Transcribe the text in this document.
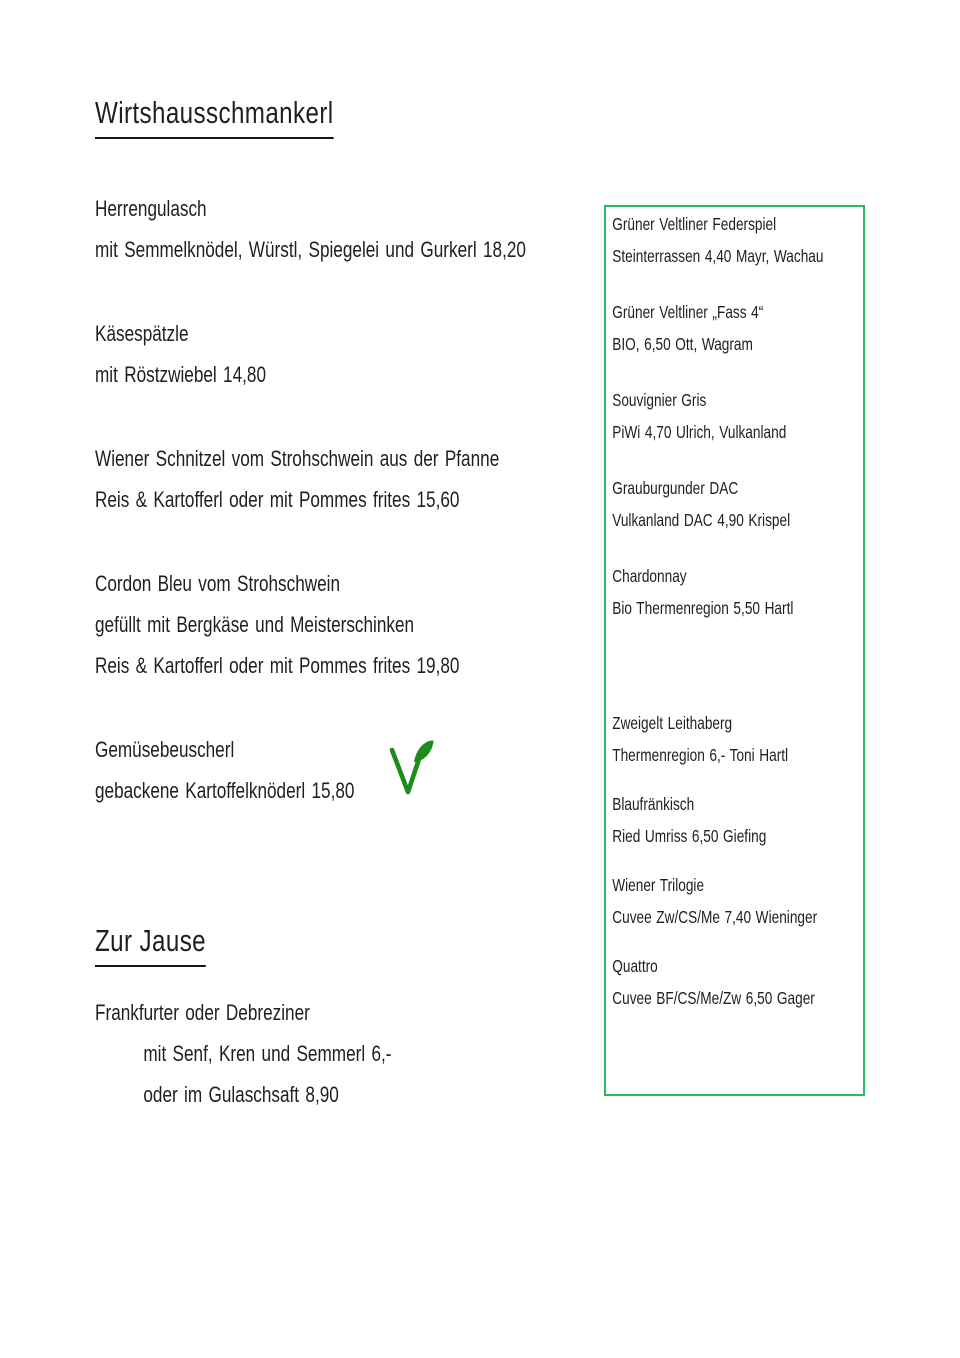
Wirtshausschmankerl
Herrengulasch
mit Semmelknödel, Würstl, Spiegelei und Gurkerl 18,20
Käsespätzle
mit Röstzwiebel 14,80
Wiener Schnitzel vom Strohschwein aus der Pfanne
Reis & Kartofferl oder mit Pommes frites 15,60
Cordon Bleu vom Strohschwein
gefüllt mit Bergkäse und Meisterschinken
Reis & Kartofferl oder mit Pommes frites 19,80
Gemüsebeuscherl
gebackene Kartoffelknöderl 15,80
Zur Jause
Frankfurter oder Debreziner
mit Senf, Kren und Semmerl 6,-
oder im Gulaschsaft 8,90
Grüner Veltliner Federspiel
Steinterrassen 4,40 Mayr, Wachau
Grüner Veltliner „Fass 4“
BIO, 6,50 Ott, Wagram
Souvignier Gris
PiWi 4,70 Ulrich, Vulkanland
Grauburgunder DAC
Vulkanland DAC 4,90 Krispel
Chardonnay
Bio Thermenregion 5,50 Hartl
Zweigelt Leithaberg
Thermenregion 6,- Toni Hartl
Blaufränkisch
Ried Umriss 6,50 Giefing
Wiener Trilogie
Cuvee Zw/CS/Me 7,40 Wieninger
Quattro
Cuvee BF/CS/Me/Zw 6,50 Gager
